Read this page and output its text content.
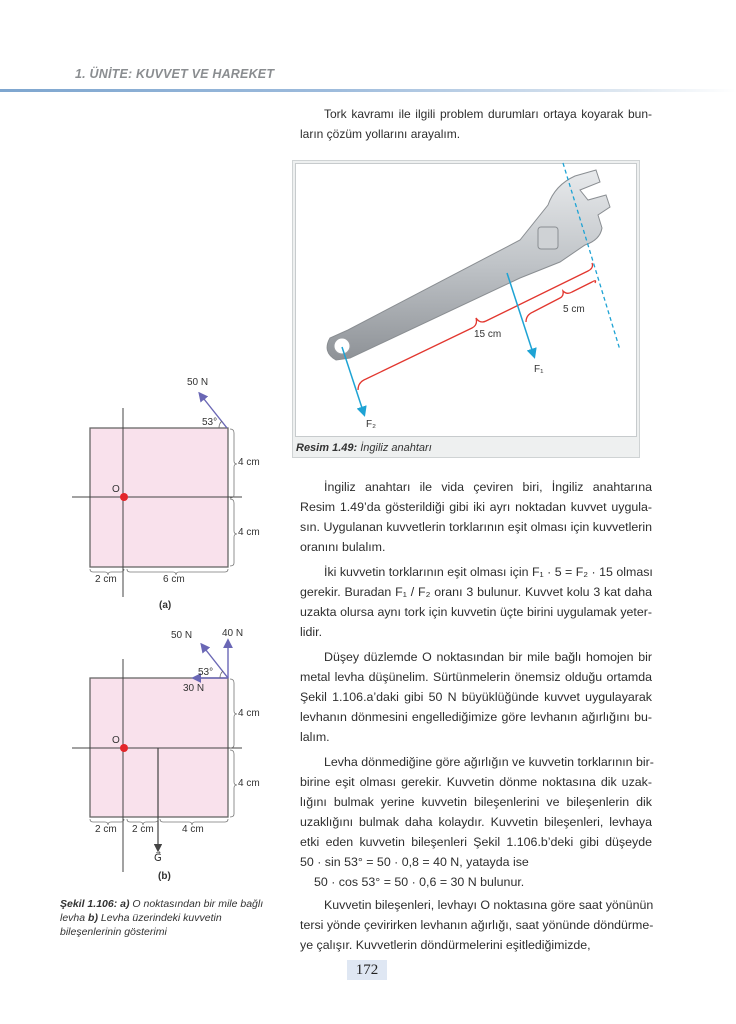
1. ÜNİTE: KUVVET VE HAREKET
Tork kavramı ile ilgili problem durumları ortaya koyarak bun-
ların çözüm yollarını arayalım.
Resim 1.49: İngiliz anahtarı
15 cm
5 cm
F₁
F₂
50 N
53°
O
4 cm
4 cm
2 cm	6 cm
(a)
50 N	40 N
53°
30 N
O
4 cm
4 cm
2 cm 2 cm	4 cm
G⃗
(b)
Şekil 1.106: a) O noktasından bir mile bağlı levha b) Levha üzerindeki kuvvetin bileşenlerinin gösterimi
İngiliz anahtarı ile vida çeviren biri, İngiliz anahtarına
Resim 1.49’da gösterildiği gibi iki ayrı noktadan kuvvet uygula-
sın. Uygulanan kuvvetlerin torklarının eşit olması için kuvvetlerin
oranını bulalım.
İki kuvvetin torklarının eşit olması için F₁ · 5 = F₂ · 15 olması
gerekir. Buradan F₁ / F₂ oranı 3 bulunur. Kuvvet kolu 3 kat daha
uzakta olursa aynı tork için kuvvetin üçte birini uygulamak yeter-
lidir.
Düşey düzlemde O noktasından bir mile bağlı homojen bir
metal levha düşünelim. Sürtünmelerin önemsiz olduğu ortamda
Şekil 1.106.a’daki gibi 50 N büyüklüğünde kuvvet uygulayarak
levhanın dönmesini engellediğimize göre levhanın ağırlığını bu-
lalım.
Levha dönmediğine göre ağırlığın ve kuvvetin torklarının bir-
birine eşit olması gerekir. Kuvvetin dönme noktasına dik uzak-
lığını bulmak yerine kuvvetin bileşenlerini ve bileşenlerin dik
uzaklığını bulmak daha kolaydır. Kuvvetin bileşenleri, levhaya
etki eden kuvvetin bileşenleri Şekil 1.106.b’deki gibi düşeyde
50 · sin 53° = 50 · 0,8 = 40 N, yatayda ise
50 · cos 53° = 50 · 0,6 = 30 N bulunur.
Kuvvetin bileşenleri, levhayı O noktasına göre saat yönünün
tersi yönde çevirirken levhanın ağırlığı, saat yönünde döndürme-
ye çalışır. Kuvvetlerin döndürmelerini eşitlediğimizde,
172
